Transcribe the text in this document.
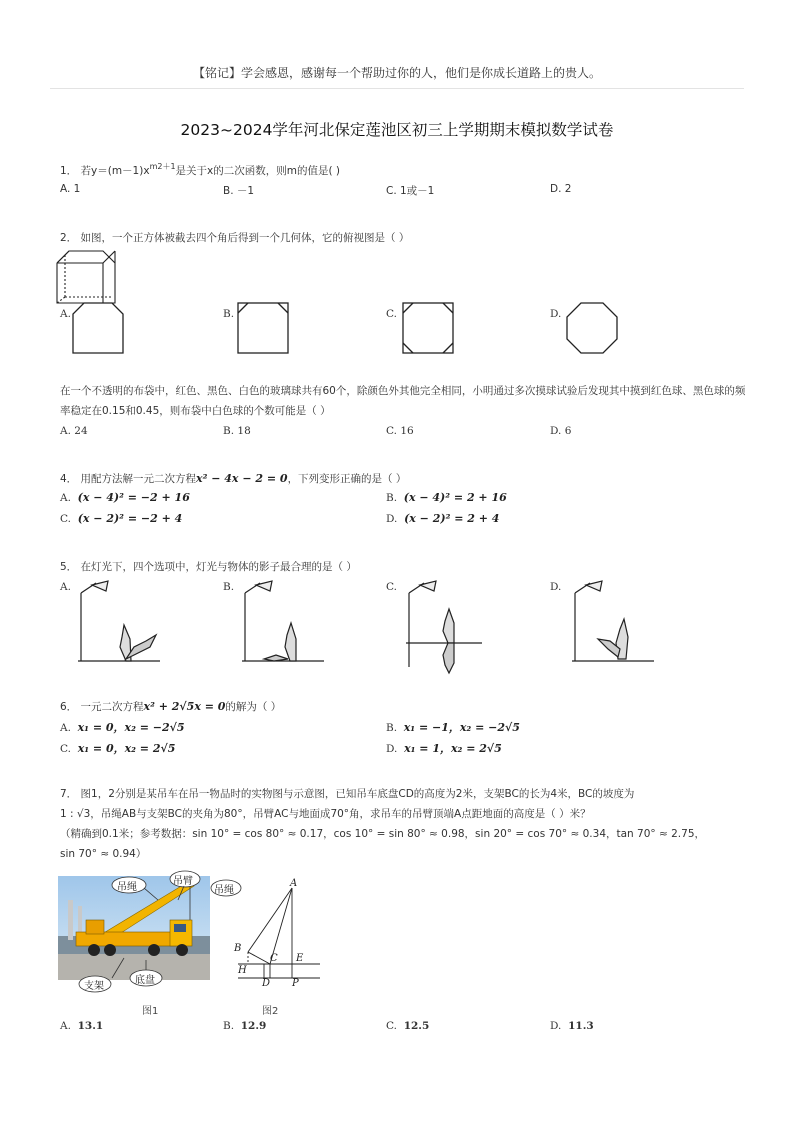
【铭记】学会感恩，感谢每一个帮助过你的人，他们是你成长道路上的贵人。
2023~2024学年河北保定莲池区初三上学期期末模拟数学试卷
1． 若$y=(m-1)x^{m2+1}$是关于x的二次函数，则m的值是( )
A. 1	B. －1	C. 1或－1	D. 2
2． 如图，一个正方体被截去四个角后得到一个几何体，它的俯视图是（ ）
A.	B.	C.	D.
在一个不透明的布袋中，红色、黑色、白色的玻璃球共有60个，除颜色外其他完全相同，小明通过多次摸球试验后发现其中摸到红色球、黑色球的频
率稳定在0.15和0.45，则布袋中白色球的个数可能是（ ）
A. 24	B. 18	C. 16	D. 6
4． 用配方法解一元二次方程x² − 4x − 2 = 0，下列变形正确的是（ ）
A. (x − 4)² = −2 + 16	B. (x − 4)² = 2 + 16
C. (x − 2)² = −2 + 4	D. (x − 2)² = 2 + 4
5． 在灯光下，四个选项中，灯光与物体的影子最合理的是（ ）
A.	B.	C.	D.
6． 一元二次方程x² + 2√5x = 0的解为（ ）
A. x₁ = 0，x₂ = −2√5	B. x₁ = −1，x₂ = −2√5
C. x₁ = 0，x₂ = 2√5	D. x₁ = 1，x₂ = 2√5
7． 图1，2分别是某吊车在吊一物品时的实物图与示意图，已知吊车底盘CD的高度为2米，支架BC的长为4米，BC的坡度为
1 : √3，吊绳AB与支架BC的夹角为80°，吊臂AC与地面成70°角，求吊车的吊臂顶端A点距地面的高度是（ ）米？
（精确到0.1米；参考数据：sin 10° = cos 80° ≈ 0.17，cos 10° = sin 80° ≈ 0.98，sin 20° = cos 70° ≈ 0.34，tan 70° ≈ 2.75，
sin 70° ≈ 0.94）
吊绳
吊臂
吊绳
支架
底盘
A
B
C
H
D
E
P
图1	图2
A. 13.1	B. 12.9	C. 12.5	D. 11.3
